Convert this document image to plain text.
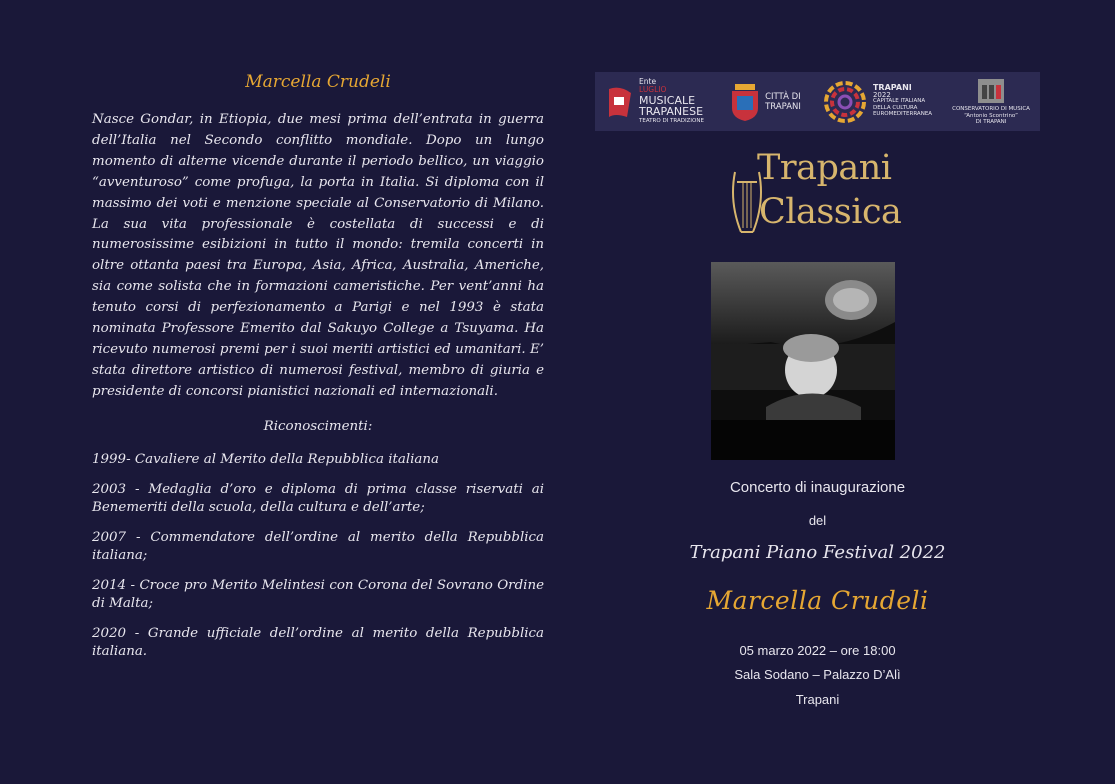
Marcella Crudeli

Nasce Gondar, in Etiopia, due mesi prima dell’entrata in guerra dell’Italia nel Secondo conflitto mondiale. Dopo un lungo momento di alterne vicende durante il periodo bellico, un viaggio “avventuroso” come profuga, la porta in Italia. Si diploma con il massimo dei voti e menzione speciale al Conservatorio di Milano. La sua vita professionale è costellata di successi e di numerosissime esibizioni in tutto il mondo: tremila concerti in oltre ottanta paesi tra Europa, Asia, Africa, Australia, Americhe, sia come solista che in formazioni cameristiche. Per vent’anni ha tenuto corsi di perfezionamento a Parigi e nel 1993 è stata nominata Professore Emerito dal Sakuyo College a Tsuyama. Ha ricevuto numerosi premi per i suoi meriti artistici ed umanitari. E’ stata direttore artistico di numerosi festival, membro di giuria e presidente di concorsi pianistici nazionali ed internazionali.

Riconoscimenti:

1999- Cavaliere al Merito della Repubblica italiana

2003 - Medaglia d’oro e diploma di prima classe riservati ai Benemeriti della scuola, della cultura e dell’arte;

2007 - Commendatore dell’ordine al merito della Repubblica italiana;

2014 - Croce pro Merito Melintesi con Corona del Sovrano Ordine di Malta;

2020 - Grande ufficiale dell’ordine al merito della Repubblica italiana.

Ente
LUGLIO
MUSICALE
TRAPANESE
TEATRO DI TRADIZIONE
CITTÀ DI
TRAPANI
TRAPANI
2022
CAPITALE ITALIANA
DELLA CULTURA
EUROMEDITERRANEA
CONSERVATORIO DI MUSICA
“Antonio Scontrino”
DI TRAPANI
Trapani
Classica
Concerto di inaugurazione
del
Trapani Piano Festival 2022
Marcella Crudeli
05 marzo 2022 – ore 18:00
Sala Sodano – Palazzo D’Alì
Trapani
